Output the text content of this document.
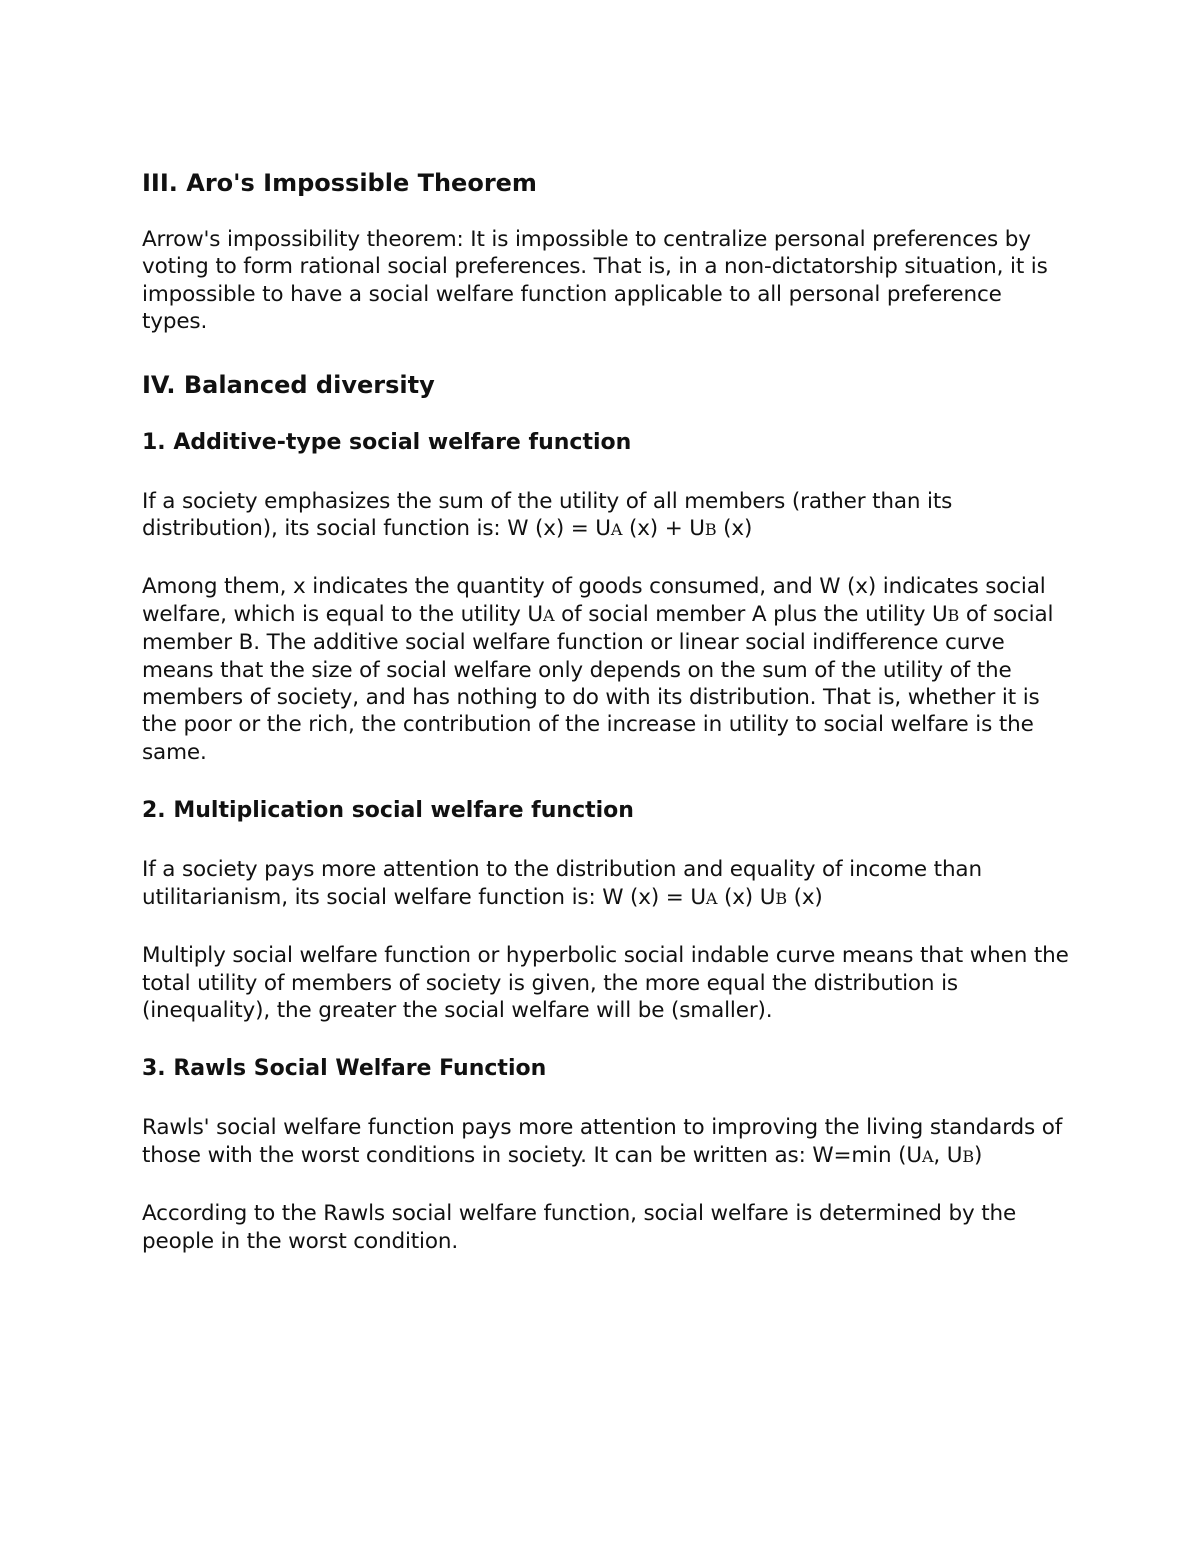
III. Aro's Impossible Theorem

Arrow's impossibility theorem: It is impossible to centralize personal preferences by voting to form rational social preferences. That is, in a non-dictatorship situation, it is impossible to have a social welfare function applicable to all personal preference types.

IV. Balanced diversity
1. Additive-type social welfare function

If a society emphasizes the sum of the utility of all members (rather than its distribution), its social function is: W (x) = UA (x) + UB (x)

Among them, x indicates the quantity of goods consumed, and W (x) indicates social welfare, which is equal to the utility UA of social member A plus the utility UB of social member B. The additive social welfare function or linear social indifference curve means that the size of social welfare only depends on the sum of the utility of the members of society, and has nothing to do with its distribution. That is, whether it is the poor or the rich, the contribution of the increase in utility to social welfare is the same.

2. Multiplication social welfare function

If a society pays more attention to the distribution and equality of income than utilitarianism, its social welfare function is: W (x) = UA (x) UB (x)

Multiply social welfare function or hyperbolic social indable curve means that when the total utility of members of society is given, the more equal the distribution is (inequality), the greater the social welfare will be (smaller).

3. Rawls Social Welfare Function

Rawls' social welfare function pays more attention to improving the living standards of those with the worst conditions in society. It can be written as: W=min (UA, UB)

According to the Rawls social welfare function, social welfare is determined by the people in the worst condition.
